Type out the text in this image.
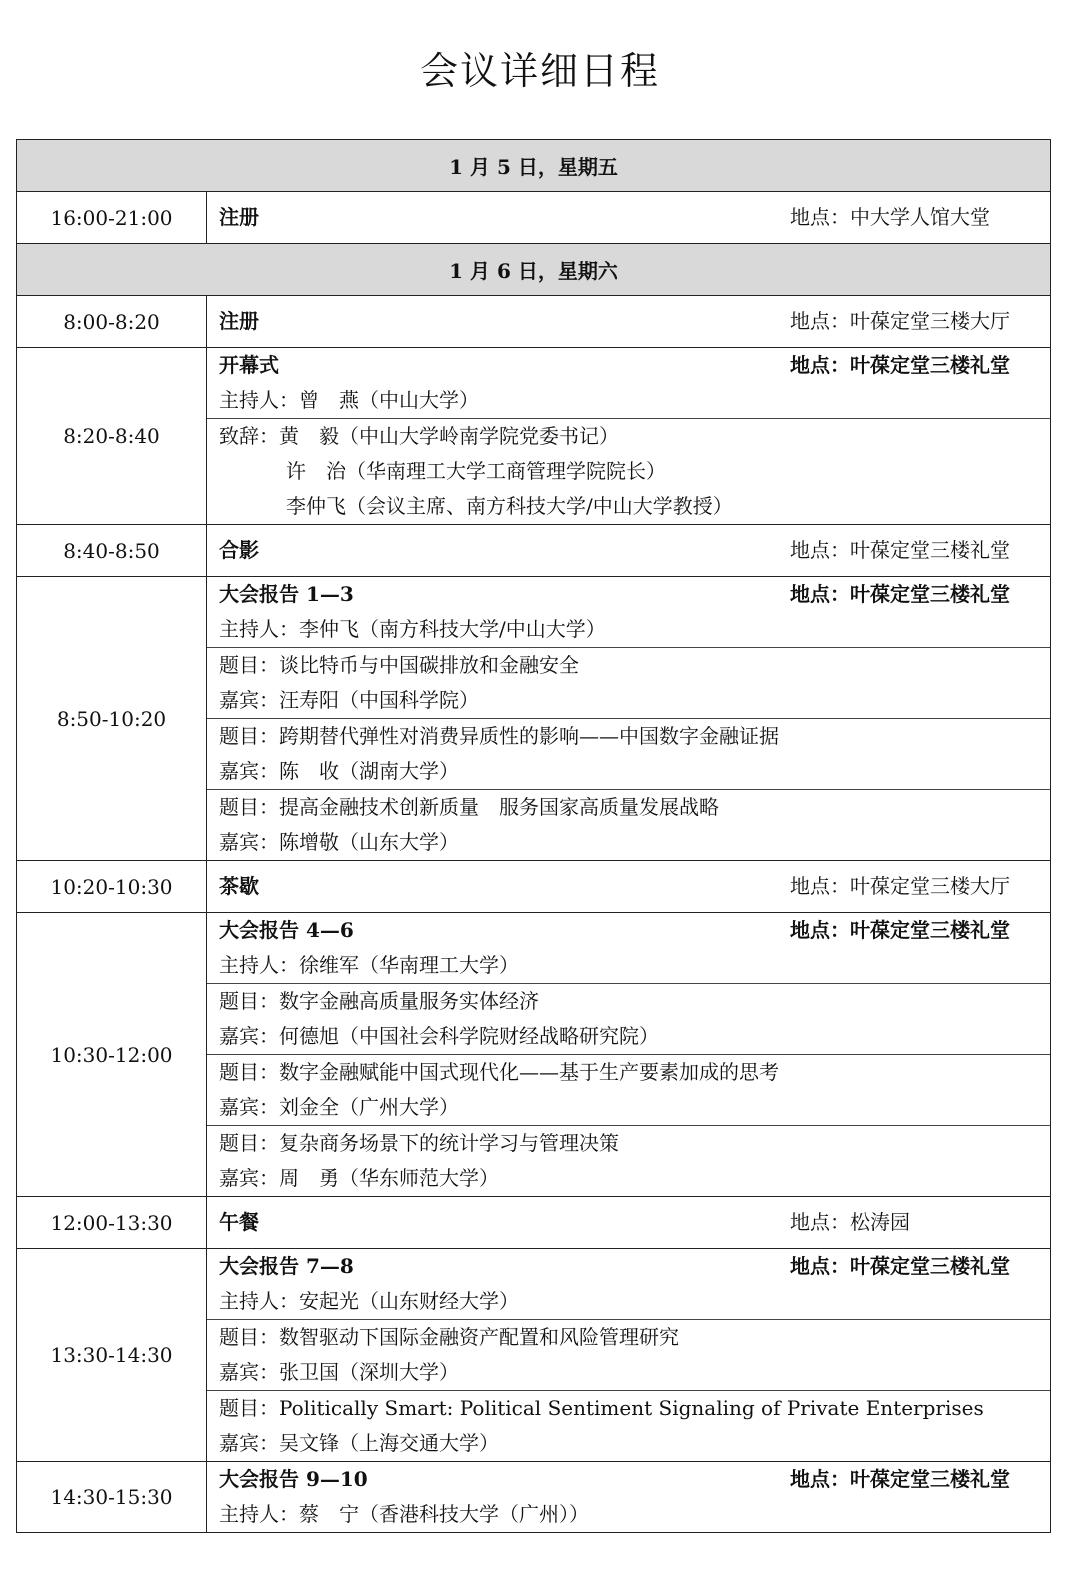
会议详细日程
1 月 5 日，星期五
16:00-21:00	注册	地点：中大学人馆大堂
1 月 6 日，星期六
8:00-8:20	注册	地点：叶葆定堂三楼大厅
8:20-8:40
开幕式	地点：叶葆定堂三楼礼堂
主持人：曾　燕（中山大学）
致辞：黄　毅（中山大学岭南学院党委书记）
许　治（华南理工大学工商管理学院院长）
李仲飞（会议主席、南方科技大学/中山大学教授）
8:40-8:50	合影	地点：叶葆定堂三楼礼堂
8:50-10:20
大会报告 1—3	地点：叶葆定堂三楼礼堂
主持人：李仲飞（南方科技大学/中山大学）
题目：谈比特币与中国碳排放和金融安全
嘉宾：汪寿阳（中国科学院）
题目：跨期替代弹性对消费异质性的影响——中国数字金融证据
嘉宾：陈　收（湖南大学）
题目：提高金融技术创新质量　服务国家高质量发展战略
嘉宾：陈增敬（山东大学）
10:20-10:30	茶歇	地点：叶葆定堂三楼大厅
10:30-12:00
大会报告 4—6	地点：叶葆定堂三楼礼堂
主持人：徐维军（华南理工大学）
题目：数字金融高质量服务实体经济
嘉宾：何德旭（中国社会科学院财经战略研究院）
题目：数字金融赋能中国式现代化——基于生产要素加成的思考
嘉宾：刘金全（广州大学）
题目：复杂商务场景下的统计学习与管理决策
嘉宾：周　勇（华东师范大学）
12:00-13:30	午餐	地点：松涛园
13:30-14:30
大会报告 7—8	地点：叶葆定堂三楼礼堂
主持人：安起光（山东财经大学）
题目：数智驱动下国际金融资产配置和风险管理研究
嘉宾：张卫国（深圳大学）
题目：Politically Smart: Political Sentiment Signaling of Private Enterprises
嘉宾：吴文锋（上海交通大学）
14:30-15:30
大会报告 9—10	地点：叶葆定堂三楼礼堂
主持人：蔡　宁（香港科技大学（广州））
